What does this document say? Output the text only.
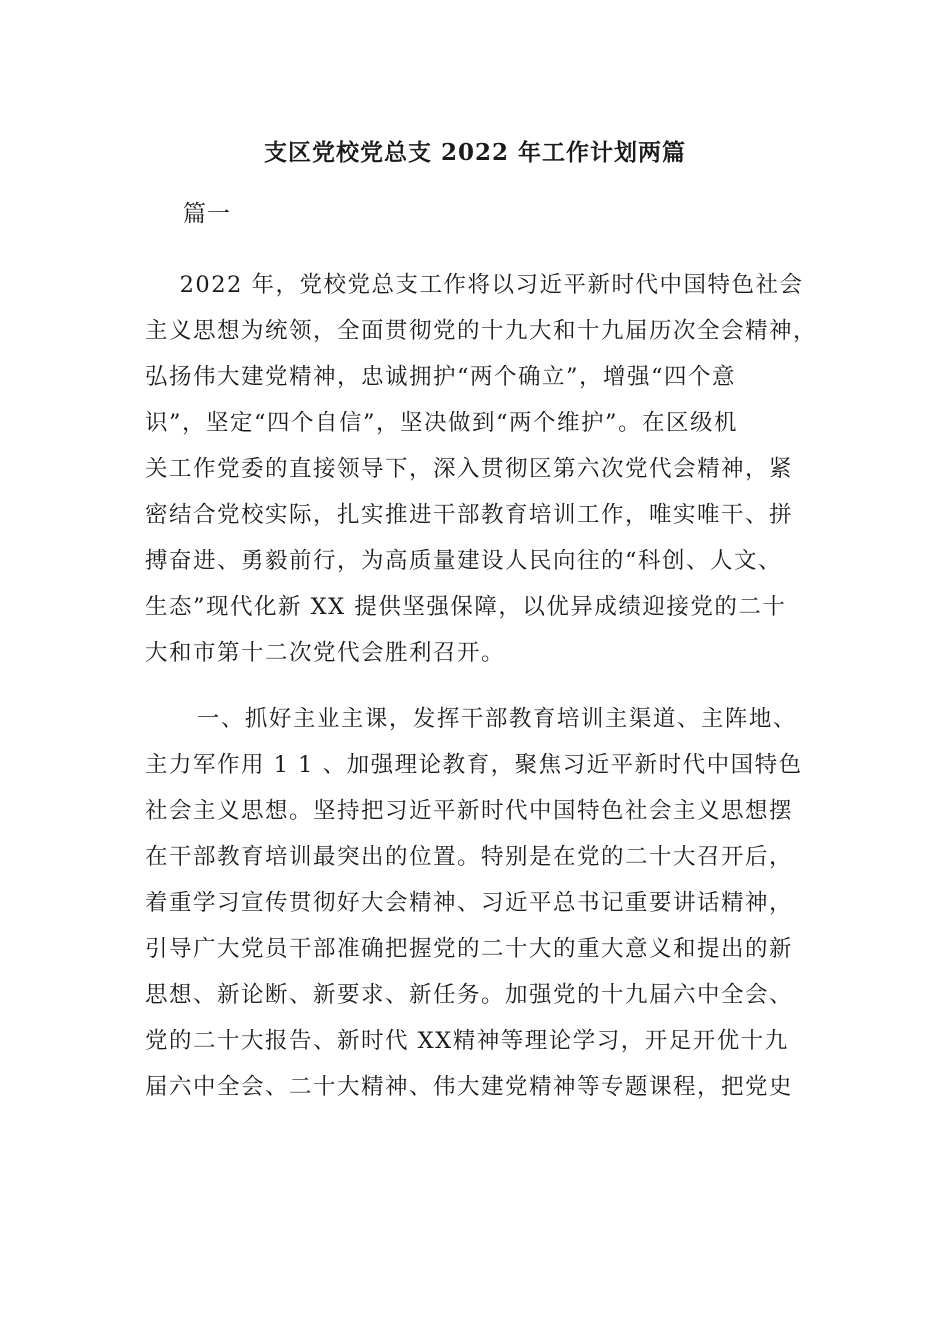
支区党校党总支 2022 年工作计划两篇
篇一
2022 年，党校党总支工作将以习近平新时代中国特色社会
主义思想为统领，全面贯彻党的十九大和十九届历次全会精神，
弘扬伟大建党精神，忠诚拥护“两个确立”，增强“四个意
识”，坚定“四个自信”，坚决做到“两个维护”。在区级机
关工作党委的直接领导下，深入贯彻区第六次党代会精神，紧
密结合党校实际，扎实推进干部教育培训工作，唯实唯干、拼
搏奋进、勇毅前行，为高质量建设人民向往的“科创、人文、
生态”现代化新 XX 提供坚强保障，以优异成绩迎接党的二十
大和市第十二次党代会胜利召开。
一、抓好主业主课，发挥干部教育培训主渠道、主阵地、
主力军作用 1 1 、加强理论教育，聚焦习近平新时代中国特色
社会主义思想。坚持把习近平新时代中国特色社会主义思想摆
在干部教育培训最突出的位置。特别是在党的二十大召开后，
着重学习宣传贯彻好大会精神、习近平总书记重要讲话精神，
引导广大党员干部准确把握党的二十大的重大意义和提出的新
思想、新论断、新要求、新任务。加强党的十九届六中全会、
党的二十大报告、新时代 XX精神等理论学习，开足开优十九
届六中全会、二十大精神、伟大建党精神等专题课程，把党史
